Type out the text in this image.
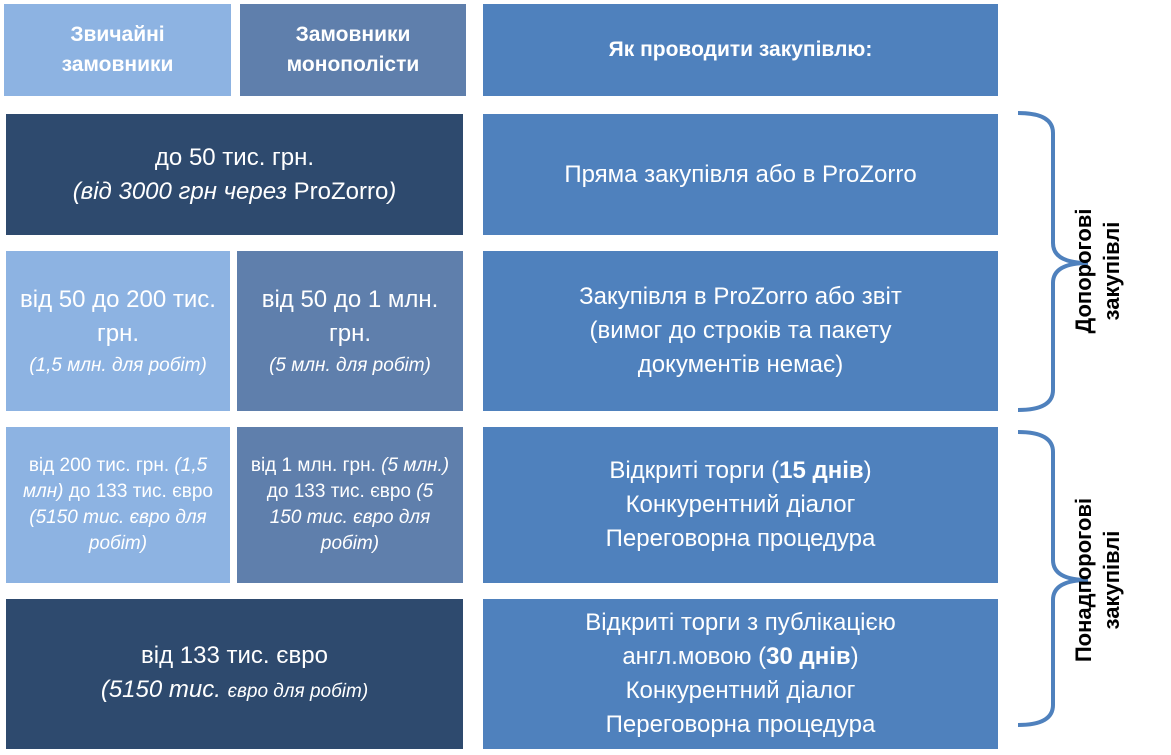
Звичайні замовники
Замовники монополісти
Як проводити закупівлю:
до 50 тис. грн.
(від 3000 грн через ProZorro)
Пряма закупівля або в ProZorro
від 50 до 200 тис. грн.
(1,5 млн. для робіт)
від 50 до 1 млн. грн.
(5 млн. для робіт)
Закупівля в ProZorro або звіт
(вимог до строків та пакету документів немає)
від 200 тис. грн. (1,5 млн) до 133 тис. євро (5150 тис. євро для робіт)
від 1 млн. грн. (5 млн.) до 133 тис. євро (5 150 тис. євро для робіт)
Відкриті торги (15 днів)
Конкурентний діалог
Переговорна процедура
від 133 тис. євро
(5150 тис. євро для робіт)
Відкриті торги з публікацією
англ.мовою (30 днів)
Конкурентний діалог
Переговорна процедура
Допорогові закупівлі
Понадпорогові закупівлі
